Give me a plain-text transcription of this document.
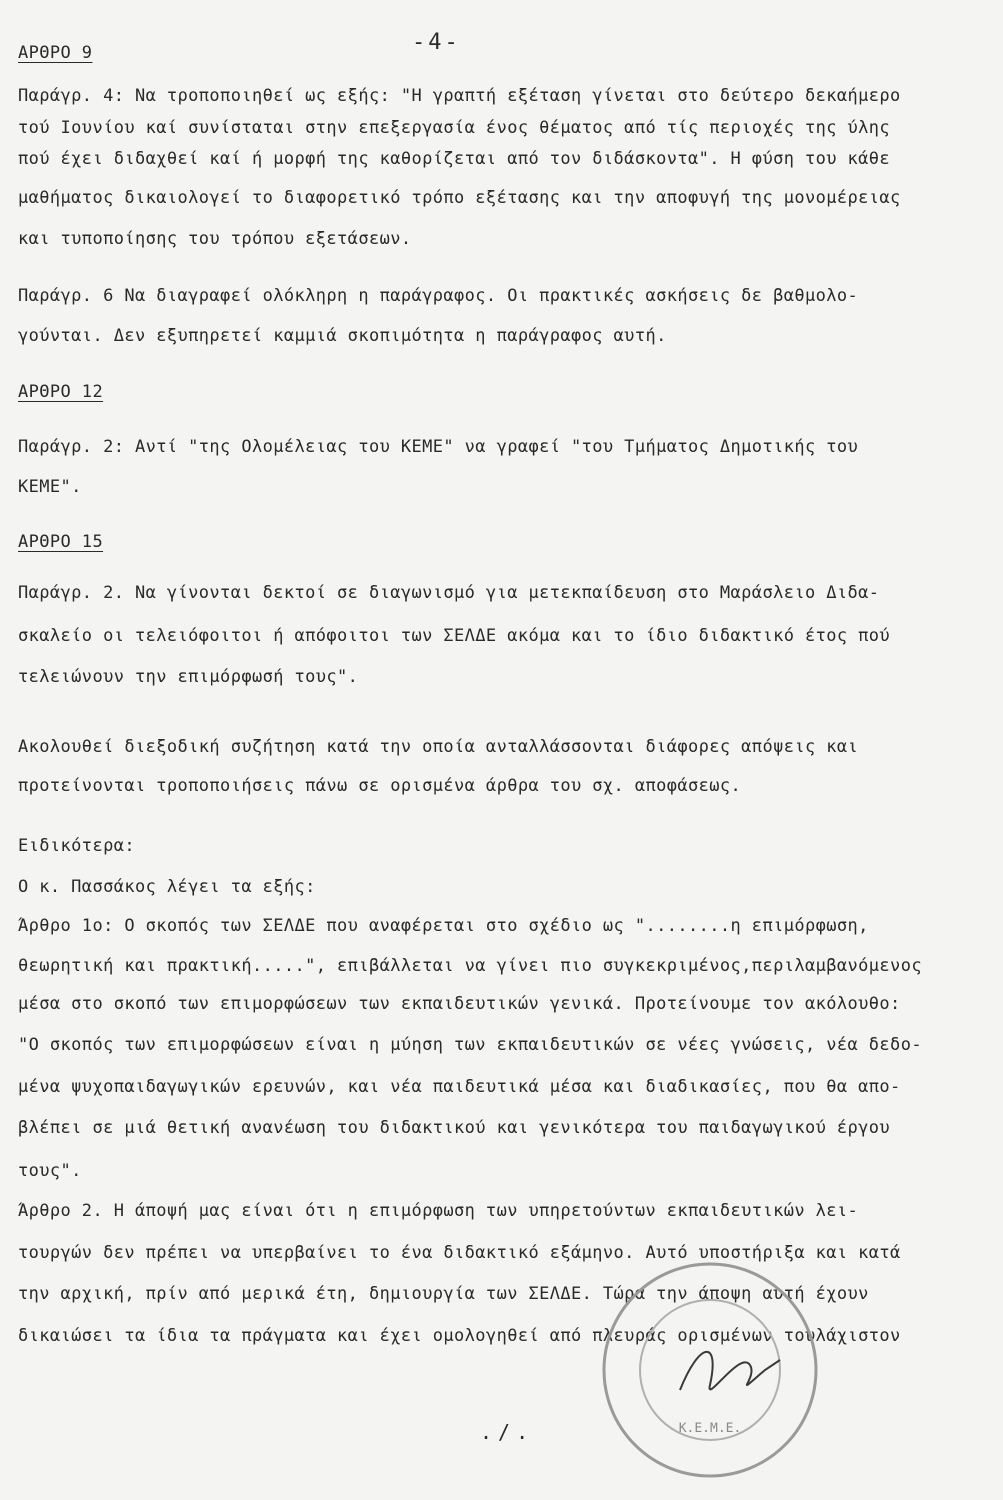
-4-
ΑΡΘΡΟ 9
Παράγρ. 4: Να τροποποιηθεί ως εξής: "Η γραπτή εξέταση γίνεται στο δεύτερο δεκαήμερο
τού Ιουνίου καί συνίσταται στην επεξεργασία ένος θέματος από τίς περιοχές της ύλης
πού έχει διδαχθεί καί ή μορφή της καθορίζεται από τον διδάσκοντα". Η φύση του κάθε
μαθήματος δικαιολογεί το διαφορετικό τρόπο εξέτασης και την αποφυγή της μονομέρειας
και τυποποίησης του τρόπου εξετάσεων.
Παράγρ. 6 Να διαγραφεί ολόκληρη η παράγραφος. Οι πρακτικές ασκήσεις δε βαθμολο-
γούνται. Δεν εξυπηρετεί καμμιά σκοπιμότητα η παράγραφος αυτή.
ΑΡΘΡΟ 12
Παράγρ. 2: Αντί "της Ολομέλειας του ΚΕΜΕ" να γραφεί "του Τμήματος Δημοτικής του
ΚΕΜΕ".
ΑΡΘΡΟ 15
Παράγρ. 2. Να γίνονται δεκτοί σε διαγωνισμό για μετεκπαίδευση στο Μαράσλειο Διδα-
σκαλείο οι τελειόφοιτοι ή απόφοιτοι των ΣΕΛΔΕ ακόμα και το ίδιο διδακτικό έτος πού
τελειώνουν την επιμόρφωσή τους".
Ακολουθεί διεξοδική συζήτηση κατά την οποία ανταλλάσσονται διάφορες απόψεις και
προτείνονται τροποποιήσεις πάνω σε ορισμένα άρθρα του σχ. αποφάσεως.
Ειδικότερα:
Ο κ. Πασσάκος λέγει τα εξής:
Άρθρο 1ο: Ο σκοπός των ΣΕΛΔΕ που αναφέρεται στο σχέδιο ως "........η επιμόρφωση,
θεωρητική και πρακτική.....", επιβάλλεται να γίνει πιο συγκεκριμένος,περιλαμβανόμενος
μέσα στο σκοπό των επιμορφώσεων των εκπαιδευτικών γενικά. Προτείνουμε τον ακόλουθο:
"Ο σκοπός των επιμορφώσεων είναι η μύηση των εκπαιδευτικών σε νέες γνώσεις, νέα δεδο-
μένα ψυχοπαιδαγωγικών ερευνών, και νέα παιδευτικά μέσα και διαδικασίες, που θα απο-
βλέπει σε μιά θετική ανανέωση του διδακτικού και γενικότερα του παιδαγωγικού έργου
τους".
Άρθρο 2. Η άποψή μας είναι ότι η επιμόρφωση των υπηρετούντων εκπαιδευτικών λει-
τουργών δεν πρέπει να υπερβαίνει το ένα διδακτικό εξάμηνο. Αυτό υποστήριξα και κατά
την αρχική, πρίν από μερικά έτη, δημιουργία των ΣΕΛΔΕ. Τώρα την άποψη αυτή έχουν
δικαιώσει τα ίδια τα πράγματα και έχει ομολογηθεί από πλευράς ορισμένων τουλάχιστον
Κ.Ε.Μ.Ε.
./.
